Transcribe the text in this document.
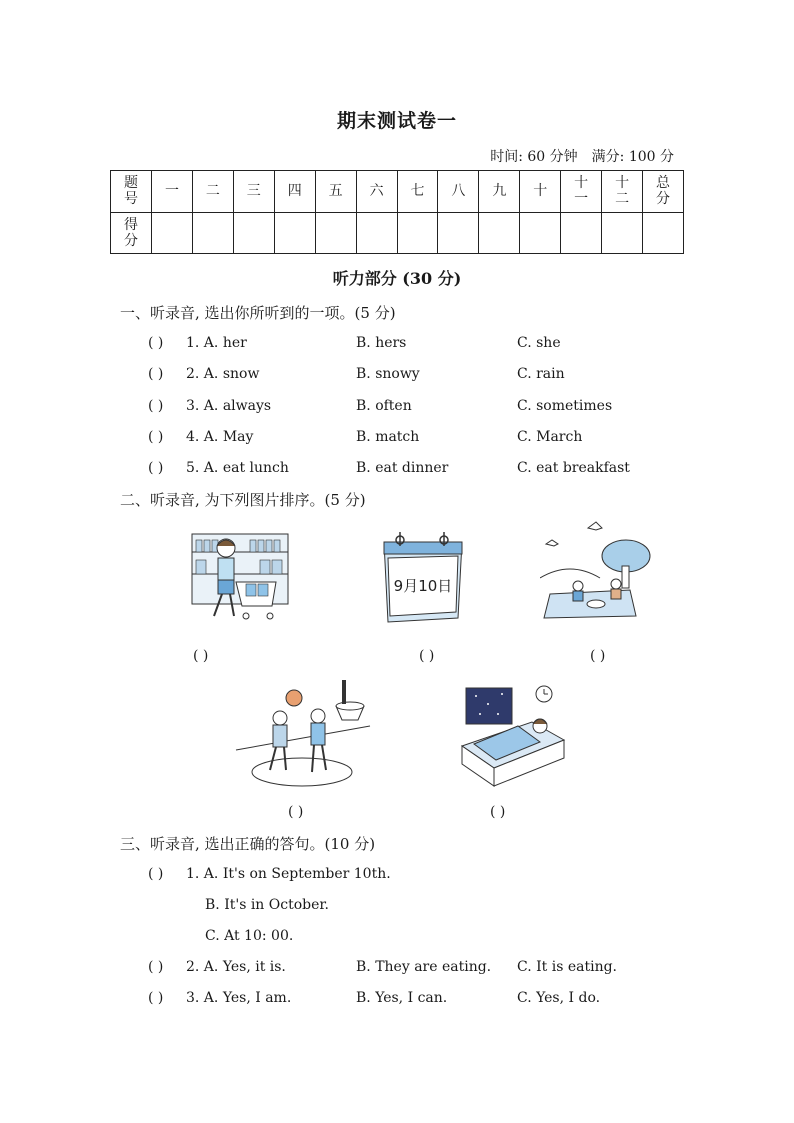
期末测试卷一
时间: 60 分钟 满分: 100 分
题号	一	二	三	四	五	六	七	八	九	十	十一	十二	总分
得分													
听力部分 (30 分)
一、听录音, 选出你所听到的一项。(5 分)
( ) 1. A. her	B. hers	C. she
( ) 2. A. snow	B. snowy	C. rain
( ) 3. A. always	B. often	C. sometimes
( ) 4. A. May	B. match	C. March
( ) 5. A. eat lunch	B. eat dinner	C. eat breakfast
二、听录音, 为下列图片排序。(5 分)
9月10日
( )	( )	( )
( )	( )
三、听录音, 选出正确的答句。(10 分)
( ) 1. A. It's on September 10th.
B. It's in October.
C. At 10: 00.
( ) 2. A. Yes, it is.	B. They are eating. C. It is eating.
( ) 3. A. Yes, I am.	B. Yes, I can.	C. Yes, I do.
